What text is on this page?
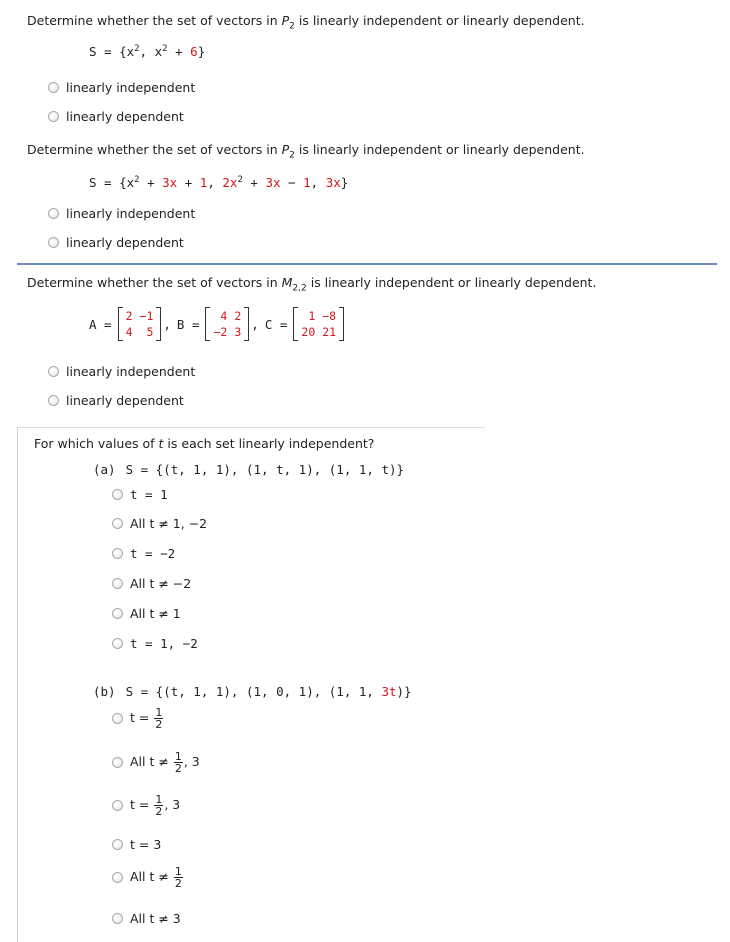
Determine whether the set of vectors in $P_2$ is linearly independent or linearly dependent.
$S = \{x^2$, $x^2 + 6$}
linearly independent
linearly dependent
Determine whether the set of vectors in $P_2$ is linearly independent or linearly dependent.
$S = \{x^2 + 3x + 1$, $2x^2 + 3x - 1$, 3x}
linearly independent
linearly dependent
Determine whether the set of vectors in $M_{2,2}$ is linearly independent or linearly dependent.
A =
2 −1
4	5
, B =
4 2
−2 3
, C =
1 −8
20 21
linearly independent
linearly dependent
For which values of t is each set linearly independent?
(a) S = {(t, 1, 1), (1, t, 1), (1, 1, t)}
t = 1
All t ≠ 1, −2
t = −2
All t ≠ −2
All t ≠ 1
t = 1, −2
(b) S = {(t, 1, 1), (1, 0, 1), (1, 1, 3t)}
$t = \frac{1}{2}$
All $t \ne \frac{1}{2}$ , 3
$t = \frac{1}{2}$ , 3
t = 3
All $t \ne \frac{1}{2}$
All t ≠ 3
